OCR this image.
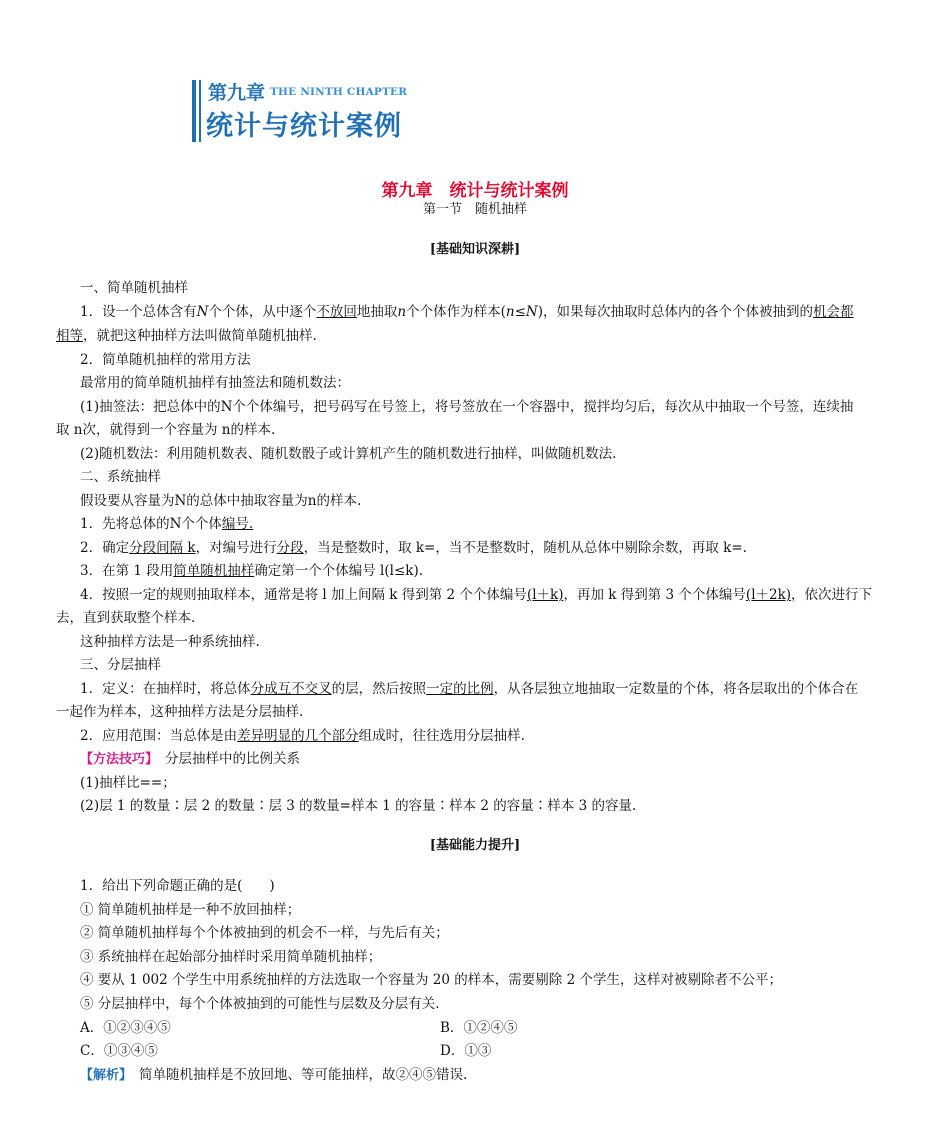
第九章 THE NINTH CHAPTER
统计与统计案例
第九章　统计与统计案例
第一节　随机抽样
[基础知识深耕]
一、简单随机抽样
1．设一个总体含有N个个体，从中逐个不放回地抽取n个个体作为样本(n≤N)，如果每次抽取时总体内的各个个体被抽到的机会都
相等，就把这种抽样方法叫做简单随机抽样.
2．简单随机抽样的常用方法
最常用的简单随机抽样有抽签法和随机数法：
(1)抽签法：把总体中的N个个体编号，把号码写在号签上，将号签放在一个容器中，搅拌均匀后，每次从中抽取一个号签，连续抽
取 n次，就得到一个容量为 n的样本.
(2)随机数法：利用随机数表、随机数骰子或计算机产生的随机数进行抽样，叫做随机数法.
二、系统抽样
假设要从容量为N的总体中抽取容量为n的样本.
1．先将总体的N个个体编号.
2．确定分段间隔 k，对编号进行分段，当是整数时，取 k=，当不是整数时，随机从总体中剔除余数，再取 k=.
3．在第 1 段用简单随机抽样确定第一个个体编号 l(l≤k).
4．按照一定的规则抽取样本，通常是将 l 加上间隔 k 得到第 2 个个体编号(l＋k)，再加 k 得到第 3 个个体编号(l＋2k)，依次进行下
去，直到获取整个样本.
这种抽样方法是一种系统抽样.
三、分层抽样
1．定义：在抽样时，将总体分成互不交叉的层，然后按照一定的比例，从各层独立地抽取一定数量的个体，将各层取出的个体合在
一起作为样本，这种抽样方法是分层抽样.
2．应用范围：当总体是由差异明显的几个部分组成时，往往选用分层抽样.
【方法技巧】　分层抽样中的比例关系
(1)抽样比==；
(2)层 1 的数量∶层 2 的数量∶层 3 的数量=样本 1 的容量∶样本 2 的容量∶样本 3 的容量.
[基础能力提升]
1．给出下列命题正确的是(　　)
① 简单随机抽样是一种不放回抽样；
② 简单随机抽样每个个体被抽到的机会不一样，与先后有关；
③ 系统抽样在起始部分抽样时采用简单随机抽样；
④ 要从 1 002 个学生中用系统抽样的方法选取一个容量为 20 的样本，需要剔除 2 个学生，这样对被剔除者不公平；
⑤ 分层抽样中，每个个体被抽到的可能性与层数及分层有关.
A．①②③④⑤	B．①②④⑤
C．①③④⑤	D．①③
【解析】　简单随机抽样是不放回地、等可能抽样，故②④⑤错误.
